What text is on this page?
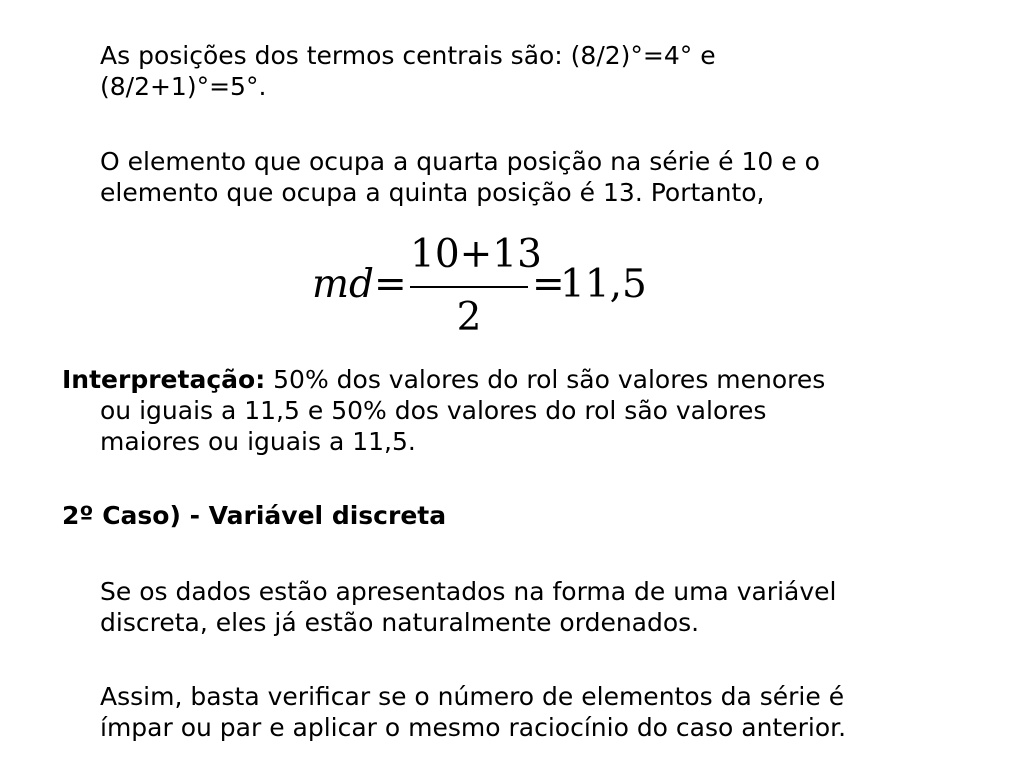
As posições dos termos centrais são: (8/2)°=4° e
(8/2+1)°=5°.
O elemento que ocupa a quarta posição na série é 10 e o
elemento que ocupa a quinta posição é 13. Portanto,
md =
10+13
2
=
11,5
Interpretação: 50% dos valores do rol são valores menores
ou iguais a 11,5 e 50% dos valores do rol são valores
maiores ou iguais a 11,5.
2º Caso) - Variável discreta
Se os dados estão apresentados na forma de uma variável
discreta, eles já estão naturalmente ordenados.
Assim, basta verificar se o número de elementos da série é
ímpar ou par e aplicar o mesmo raciocínio do caso anterior.
